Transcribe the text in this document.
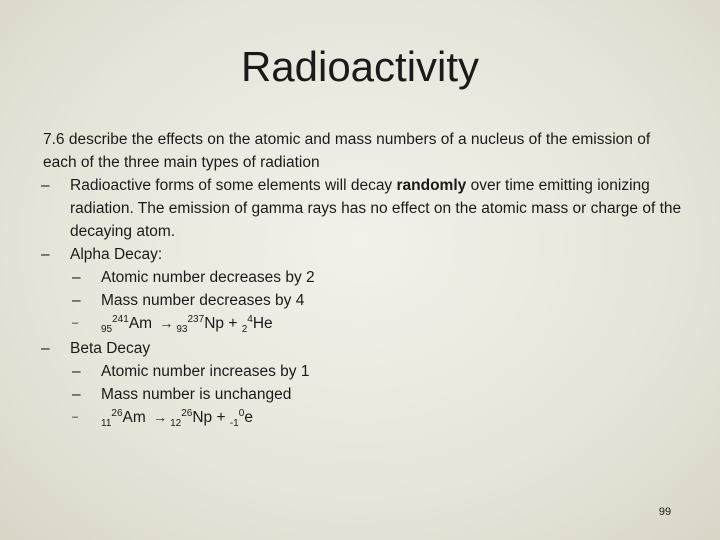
Radioactivity
7.6 describe the effects on the atomic and mass numbers of a nucleus of the emission of each of the three main types of radiation
– Radioactive forms of some elements will decay randomly over time emitting ionizing radiation. The emission of gamma rays has no effect on the atomic mass or charge of the decaying atom.
– Alpha Decay:
– Atomic number decreases by 2
– Mass number decreases by 4
–
$_{95}^{241}$Am → $_{93}^{237}$Np + $_2^4$He
– Beta Decay
– Atomic number increases by 1
– Mass number is unchanged
–
$_{11}^{26}$Am → $_{12}^{26}$Np + $_{-1}^0$e
99
